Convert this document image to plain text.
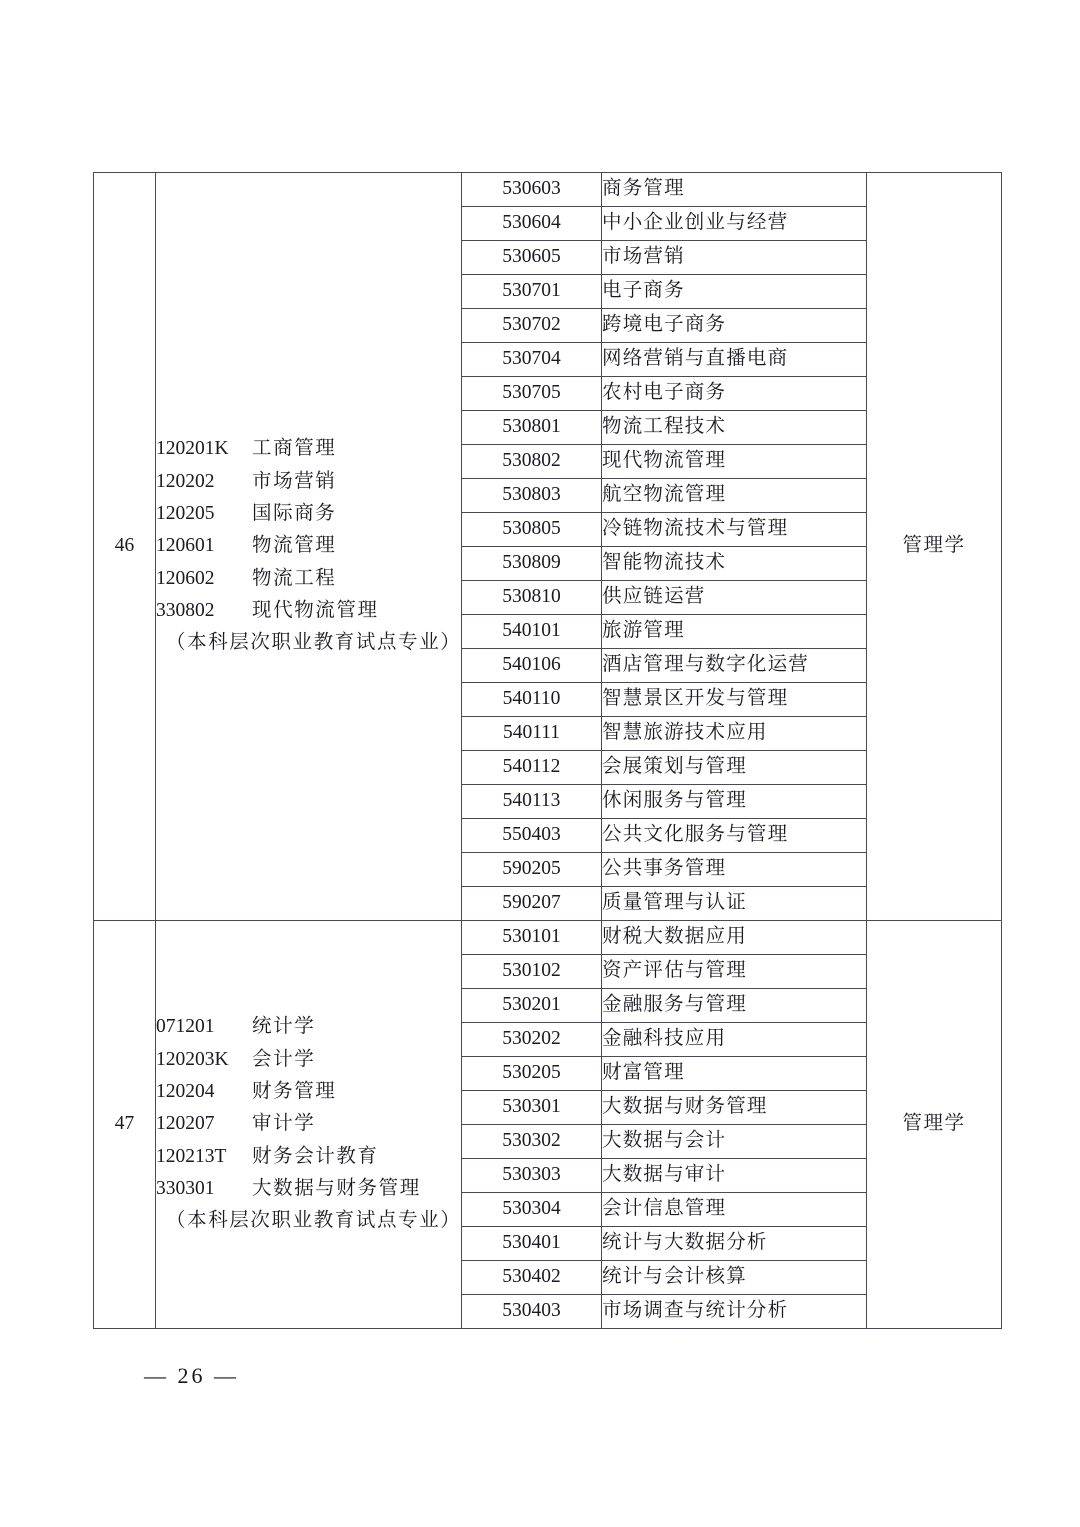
46	
120201K 工商管理
120202 市场营销
120205 国际商务
120601 物流管理
120602 物流工程
330802 现代物流管理
（本科层次职业教育试点专业）
	530603	商务管理	管理学
		530604	中小企业创业与经营	
		530605	市场营销	
		530701	电子商务	
		530702	跨境电子商务	
		530704	网络营销与直播电商	
		530705	农村电子商务	
		530801	物流工程技术	
		530802	现代物流管理	
		530803	航空物流管理	
		530805	冷链物流技术与管理	
		530809	智能物流技术	
		530810	供应链运营	
		540101	旅游管理	
		540106	酒店管理与数字化运营	
		540110	智慧景区开发与管理	
		540111	智慧旅游技术应用	
		540112	会展策划与管理	
		540113	休闲服务与管理	
		550403	公共文化服务与管理	
		590205	公共事务管理	
		590207	质量管理与认证	
47	
071201 统计学
120203K 会计学
120204 财务管理
120207 审计学
120213T 财务会计教育
330301 大数据与财务管理
（本科层次职业教育试点专业）
	530101	财税大数据应用	管理学
		530102	资产评估与管理	
		530201	金融服务与管理	
		530202	金融科技应用	
		530205	财富管理	
		530301	大数据与财务管理	
		530302	大数据与会计	
		530303	大数据与审计	
		530304	会计信息管理	
		530401	统计与大数据分析	
		530402	统计与会计核算	
		530403	市场调查与统计分析	
— 26 —
